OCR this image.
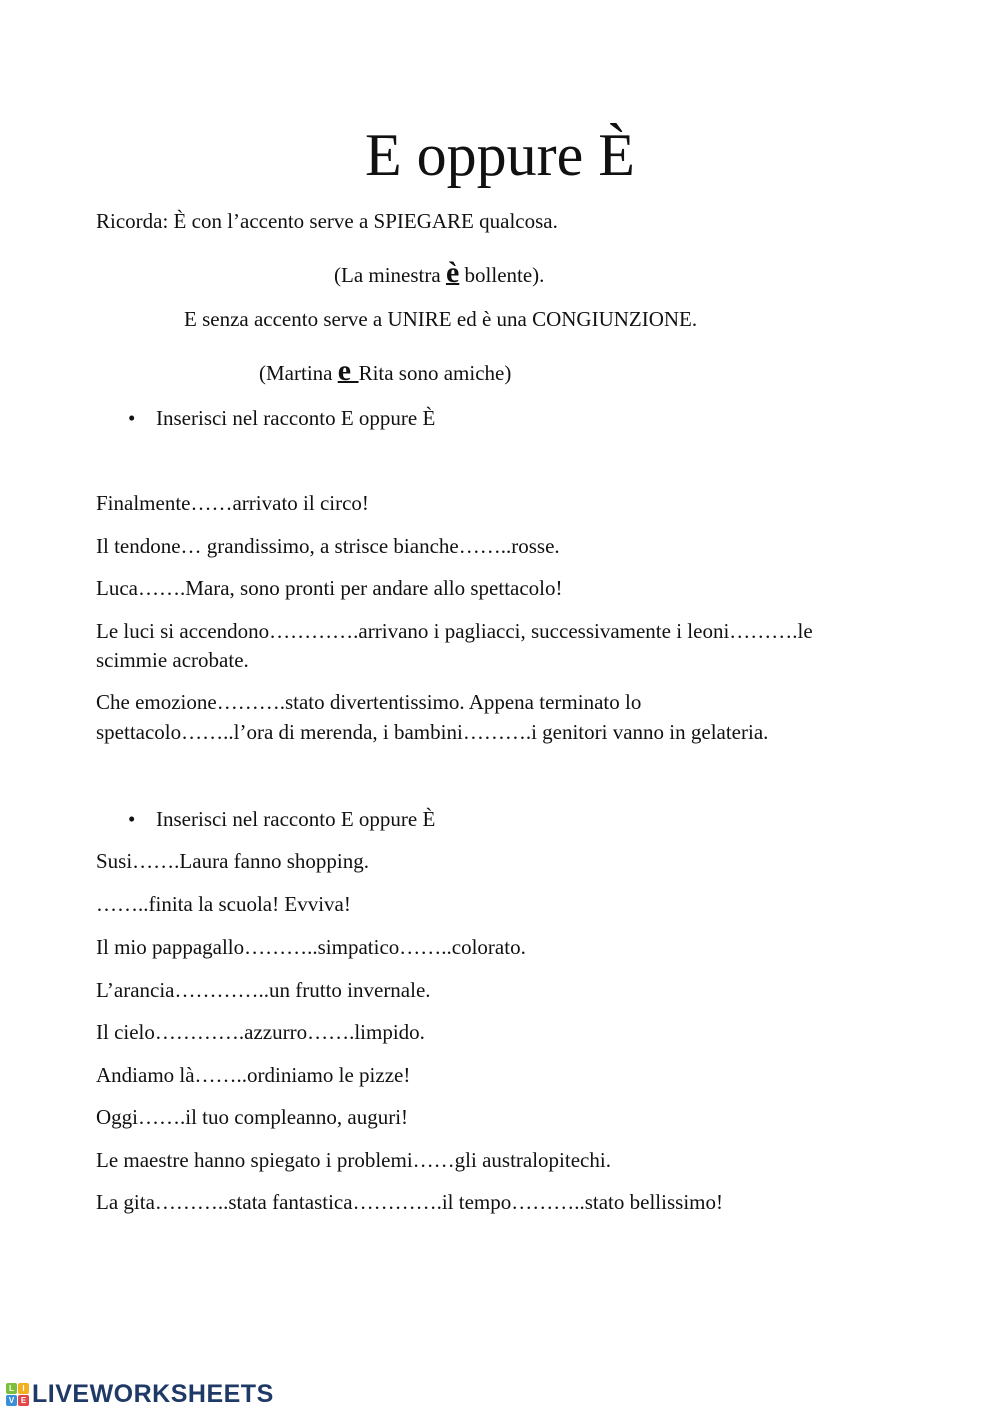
E oppure È
Ricorda: È con l’accento serve a SPIEGARE qualcosa.
(La minestra è bollente).
E senza accento serve a UNIRE ed è una CONGIUNZIONE.
(Martina e Rita sono amiche)
• Inserisci nel racconto E oppure È
Finalmente……arrivato il circo!
Il tendone… grandissimo, a strisce bianche……..rosse.
Luca…….Mara, sono pronti per andare allo spettacolo!
Le luci si accendono………….arrivano i pagliacci, successivamente i leoni……….le
scimmie acrobate.
Che emozione……….stato divertentissimo. Appena terminato lo
spettacolo……..l’ora di merenda, i bambini……….i genitori vanno in gelateria.
• Inserisci nel racconto E oppure È
Susi…….Laura fanno shopping.
……..finita la scuola! Evviva!
Il mio pappagallo………..simpatico……..colorato.
L’arancia…………..un frutto invernale.
Il cielo………….azzurro…….limpido.
Andiamo là……..ordiniamo le pizze!
Oggi…….il tuo compleanno, auguri!
Le maestre hanno spiegato i problemi……gli australopitechi.
La gita………..stata fantastica………….il tempo………..stato bellissimo!
L	I
V E LIVEWORKSHEETS
